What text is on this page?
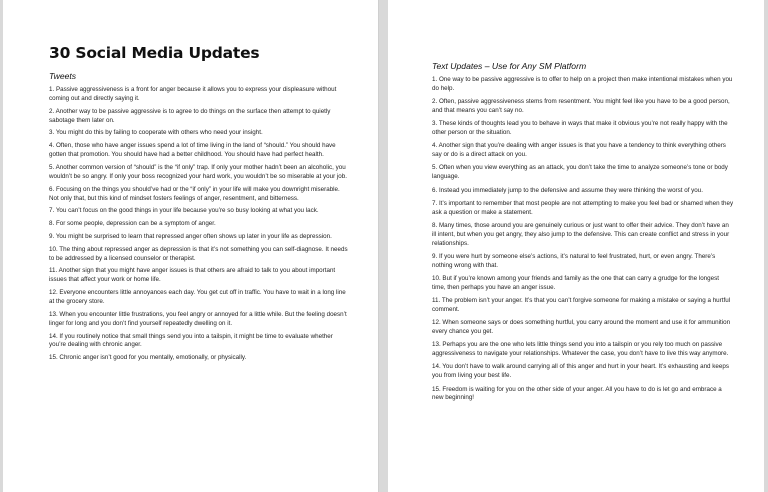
30 Social Media Updates
Tweets

1. Passive aggressiveness is a front for anger because it allows you to express your displeasure without coming out and directly saying it.

2. Another way to be passive aggressive is to agree to do things on the surface then attempt to quietly sabotage them later on.

3. You might do this by failing to cooperate with others who need your insight.

4. Often, those who have anger issues spend a lot of time living in the land of “should.” You should have gotten that promotion. You should have had a better childhood. You should have had perfect health.

5. Another common version of “should” is the “if only” trap. If only your mother hadn’t been an alcoholic, you wouldn’t be so angry. If only your boss recognized your hard work, you wouldn’t be so miserable at your job.

6. Focusing on the things you should’ve had or the “if only” in your life will make you downright miserable. Not only that, but this kind of mindset fosters feelings of anger, resentment, and bitterness.

7. You can’t focus on the good things in your life because you’re so busy looking at what you lack.

8. For some people, depression can be a symptom of anger.

9. You might be surprised to learn that repressed anger often shows up later in your life as depression.

10. The thing about repressed anger as depression is that it’s not something you can self-diagnose. It needs to be addressed by a licensed counselor or therapist.

11. Another sign that you might have anger issues is that others are afraid to talk to you about important issues that affect your work or home life.

12. Everyone encounters little annoyances each day. You get cut off in traffic. You have to wait in a long line at the grocery store.

13. When you encounter little frustrations, you feel angry or annoyed for a little while. But the feeling doesn’t linger for long and you don’t find yourself repeatedly dwelling on it.

14. If you routinely notice that small things send you into a tailspin, it might be time to evaluate whether you’re dealing with chronic anger.

15. Chronic anger isn’t good for you mentally, emotionally, or physically.

Text Updates – Use for Any SM Platform

1. One way to be passive aggressive is to offer to help on a project then make intentional mistakes when you do help.

2. Often, passive aggressiveness stems from resentment. You might feel like you have to be a good person, and that means you can’t say no.

3. These kinds of thoughts lead you to behave in ways that make it obvious you’re not really happy with the other person or the situation.

4. Another sign that you’re dealing with anger issues is that you have a tendency to think everything others say or do is a direct attack on you.

5. Often when you view everything as an attack, you don’t take the time to analyze someone’s tone or body language.

6. Instead you immediately jump to the defensive and assume they were thinking the worst of you.

7. It’s important to remember that most people are not attempting to make you feel bad or shamed when they ask a question or make a statement.

8. Many times, those around you are genuinely curious or just want to offer their advice. They don’t have an ill intent, but when you get angry, they also jump to the defensive. This can create conflict and stress in your relationships.

9. If you were hurt by someone else’s actions, it’s natural to feel frustrated, hurt, or even angry. There’s nothing wrong with that.

10. But if you’re known among your friends and family as the one that can carry a grudge for the longest time, then perhaps you have an anger issue.

11. The problem isn’t your anger. It’s that you can’t forgive someone for making a mistake or saying a hurtful comment.

12. When someone says or does something hurtful, you carry around the moment and use it for ammunition every chance you get.

13. Perhaps you are the one who lets little things send you into a tailspin or you rely too much on passive aggressiveness to navigate your relationships. Whatever the case, you don’t have to live this way anymore.

14. You don’t have to walk around carrying all of this anger and hurt in your heart. It’s exhausting and keeps you from living your best life.

15. Freedom is waiting for you on the other side of your anger. All you have to do is let go and embrace a new beginning!
